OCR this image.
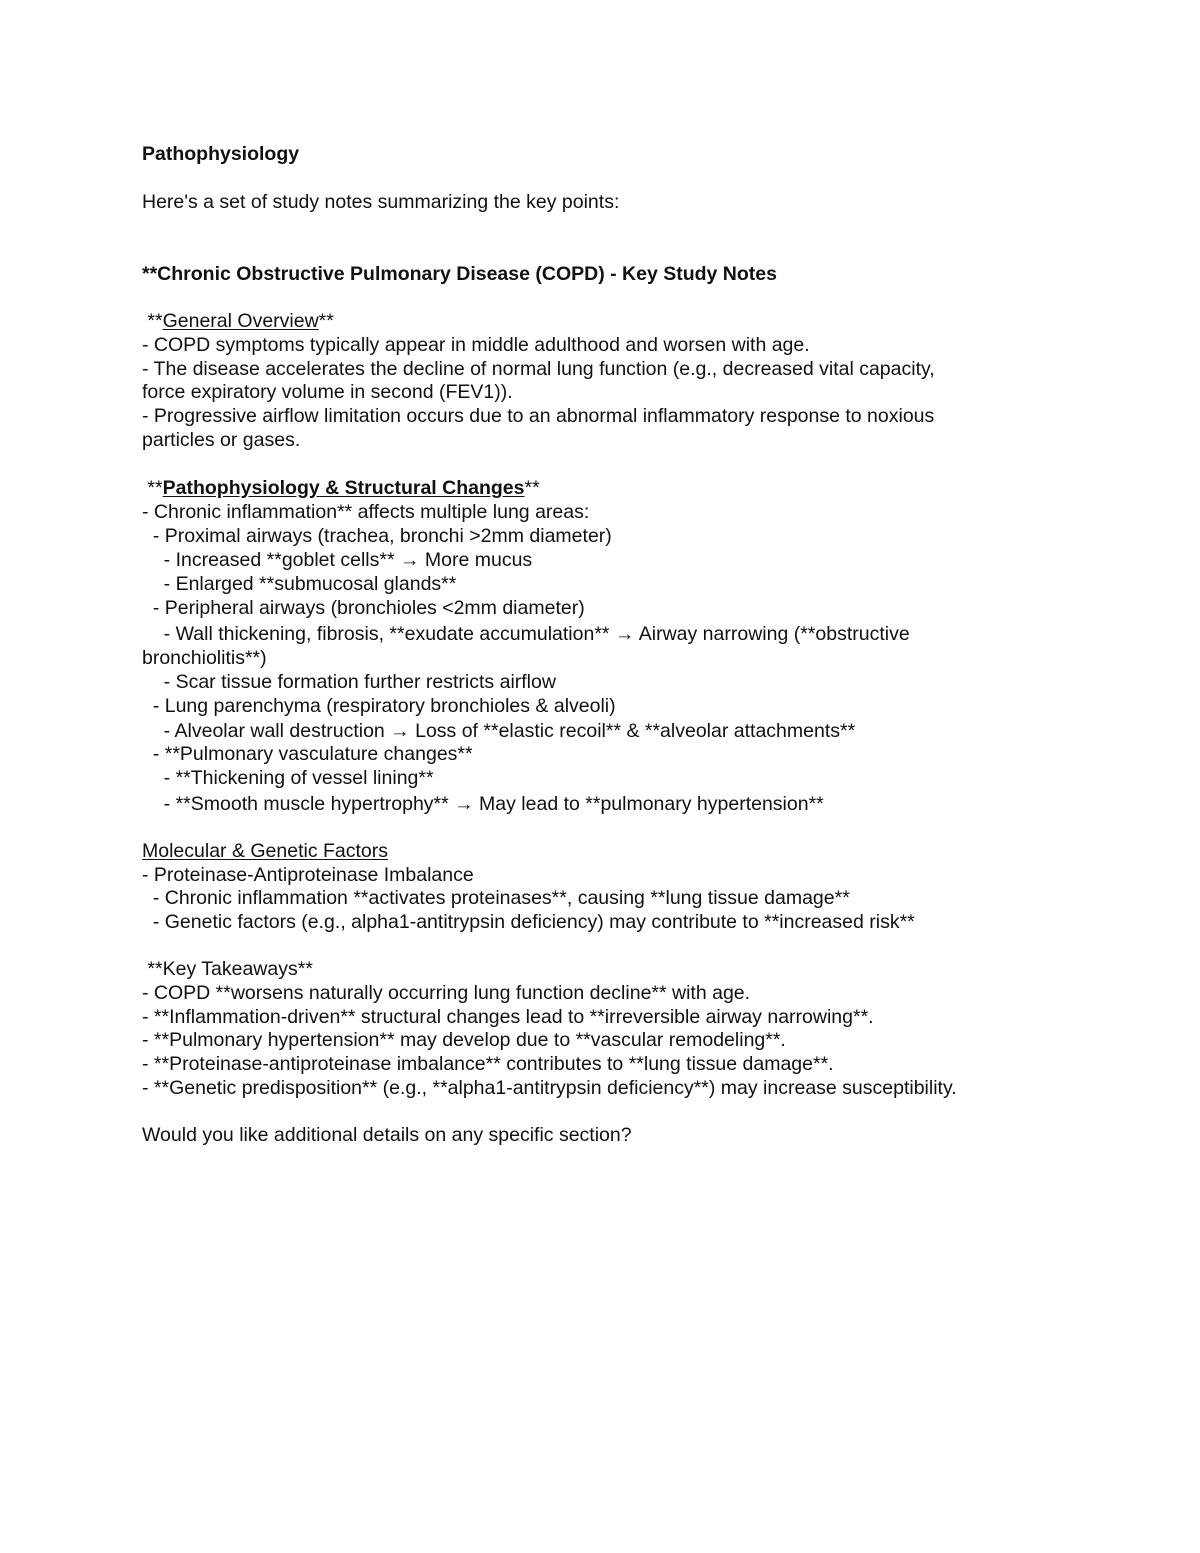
Pathophysiology
Here's a set of study notes summarizing the key points:
**Chronic Obstructive Pulmonary Disease (COPD) - Key Study Notes
**General Overview**
- COPD symptoms typically appear in middle adulthood and worsen with age.
- The disease accelerates the decline of normal lung function (e.g., decreased vital capacity,
force expiratory volume in second (FEV1)).
- Progressive airflow limitation occurs due to an abnormal inflammatory response to noxious
particles or gases.
**Pathophysiology & Structural Changes**
- Chronic inflammation** affects multiple lung areas:
- Proximal airways (trachea, bronchi >2mm diameter)
- Increased **goblet cells** → More mucus
- Enlarged **submucosal glands**
- Peripheral airways (bronchioles <2mm diameter)
- Wall thickening, fibrosis, **exudate accumulation** → Airway narrowing (**obstructive
bronchiolitis**)
- Scar tissue formation further restricts airflow
- Lung parenchyma (respiratory bronchioles & alveoli)
- Alveolar wall destruction → Loss of **elastic recoil** & **alveolar attachments**
- **Pulmonary vasculature changes**
- **Thickening of vessel lining**
- **Smooth muscle hypertrophy** → May lead to **pulmonary hypertension**
Molecular & Genetic Factors
- Proteinase-Antiproteinase Imbalance
- Chronic inflammation **activates proteinases**, causing **lung tissue damage**
- Genetic factors (e.g., alpha1-antitrypsin deficiency) may contribute to **increased risk**
**Key Takeaways**
- COPD **worsens naturally occurring lung function decline** with age.
- **Inflammation-driven** structural changes lead to **irreversible airway narrowing**.
- **Pulmonary hypertension** may develop due to **vascular remodeling**.
- **Proteinase-antiproteinase imbalance** contributes to **lung tissue damage**.
- **Genetic predisposition** (e.g., **alpha1-antitrypsin deficiency**) may increase susceptibility.
Would you like additional details on any specific section?
